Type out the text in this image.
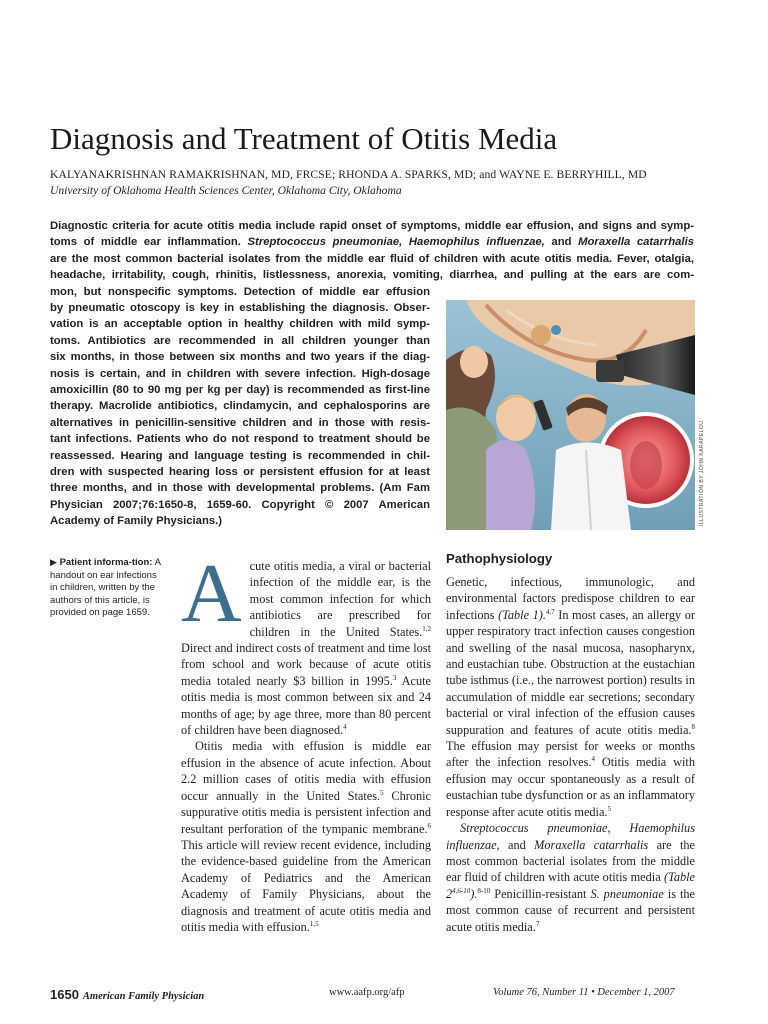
Diagnosis and Treatment of Otitis Media
KALYANAKRISHNAN RAMAKRISHNAN, MD, FRCSE; RHONDA A. SPARKS, MD; and WAYNE E. BERRYHILL, MD
University of Oklahoma Health Sciences Center, Oklahoma City, Oklahoma
Diagnostic criteria for acute otitis media include rapid onset of symptoms, middle ear effusion, and signs and symp-
toms of middle ear inflammation. Streptococcus pneumoniae, Haemophilus influenzae, and Moraxella catarrhalis
are the most common bacterial isolates from the middle ear fluid of children with acute otitis media. Fever, otalgia,
headache, irritability, cough, rhinitis, listlessness, anorexia, vomiting, diarrhea, and pulling at the ears are com-
mon, but nonspecific symptoms. Detection of middle ear effusion
by pneumatic otoscopy is key in establishing the diagnosis. Obser-
vation is an acceptable option in healthy children with mild symp-
toms. Antibiotics are recommended in all children younger than
six months, in those between six months and two years if the diag-
nosis is certain, and in children with severe infection. High-dosage
amoxicillin (80 to 90 mg per kg per day) is recommended as first-line
therapy. Macrolide antibiotics, clindamycin, and cephalosporins are
alternatives in penicillin-sensitive children and in those with resis-
tant infections. Patients who do not respond to treatment should be
reassessed. Hearing and language testing is recommended in chil-
dren with suspected hearing loss or persistent effusion for at least
three months, and in those with developmental problems. (Am Fam
Physician 2007;76:1650-8, 1659-60. Copyright © 2007 American
Academy of Family Physicians.)	ILLUSTRATION BY JOHN KARAPELOU
▶ Patient informa-tion: A handout on ear infections in children, written by the authors of this article, is provided on page 1659. Acute otitis media, a viral or bacterial infection of the middle ear, is the most common infection for which antibiotics are prescribed for children in the United States.$^{1,2}$ Direct and indirect costs of treatment and time lost from school and work because of acute otitis media totaled nearly $3 billion in 1995.$^3$ Acute otitis media is most common between six and 24 months of age; by age three, more than 80 percent of children have been diagnosed.$^4$

Otitis media with effusion is middle ear effusion in the absence of acute infection. About 2.2 million cases of otitis media with effusion occur annually in the United States.$^5$ Chronic suppurative otitis media is persistent infection and resultant perforation of the tympanic membrane.$^6$ This article will review recent evidence, including the evidence-based guideline from the American Academy of Pediatrics and the American Academy of Family Physicians, about the diagnosis and treatment of acute otitis media and otitis media with effusion.$^{1,5}$

Pathophysiology

Genetic, infectious, immunologic, and environmental factors predispose children to ear infections (Table 1).$^{4,7}$ In most cases, an allergy or upper respiratory tract infection causes congestion and swelling of the nasal mucosa, nasopharynx, and eustachian tube. Obstruction at the eustachian tube isthmus (i.e., the narrowest portion) results in accumulation of middle ear secretions; secondary bacterial or viral infection of the effusion causes suppuration and features of acute otitis media.$^8$ The effusion may persist for weeks or months after the infection resolves.$^4$ Otitis media with effusion may occur spontaneously as a result of eustachian tube dysfunction or as an inflammatory response after acute otitis media.$^5$

Streptococcus pneumoniae, Haemophilus influenzae, and Moraxella catarrhalis are the most common bacterial isolates from the middle ear fluid of children with acute otitis media (Table 2$^{4,6-10}$).$^{8-10}$ Penicillin-resistant S. pneumoniae is the most common cause of recurrent and persistent acute otitis media.$^7$

1650 American Family Physician	www.aafp.org/afp	Volume 76, Number 11 • December 1, 2007
